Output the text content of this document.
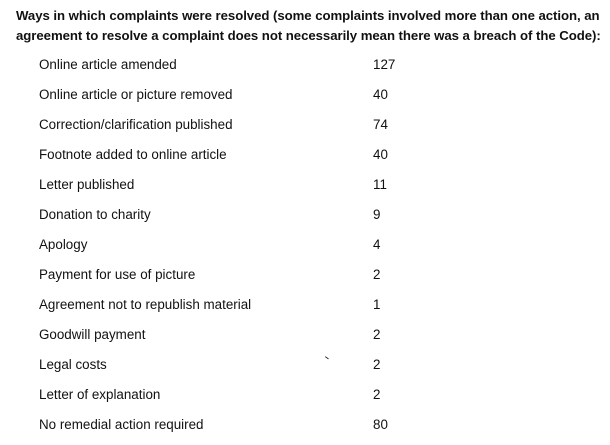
Ways in which complaints were resolved (some complaints involved more than one action, an
agreement to resolve a complaint does not necessarily mean there was a breach of the Code):
Online article amended	127
Online article or picture removed	40
Correction/clarification published	74
Footnote added to online article	40
Letter published	11
Donation to charity	9
Apology	4
Payment for use of picture	2
Agreement not to republish material	1
Goodwill payment	2
Legal costs	2
Letter of explanation	2
No remedial action required	80
